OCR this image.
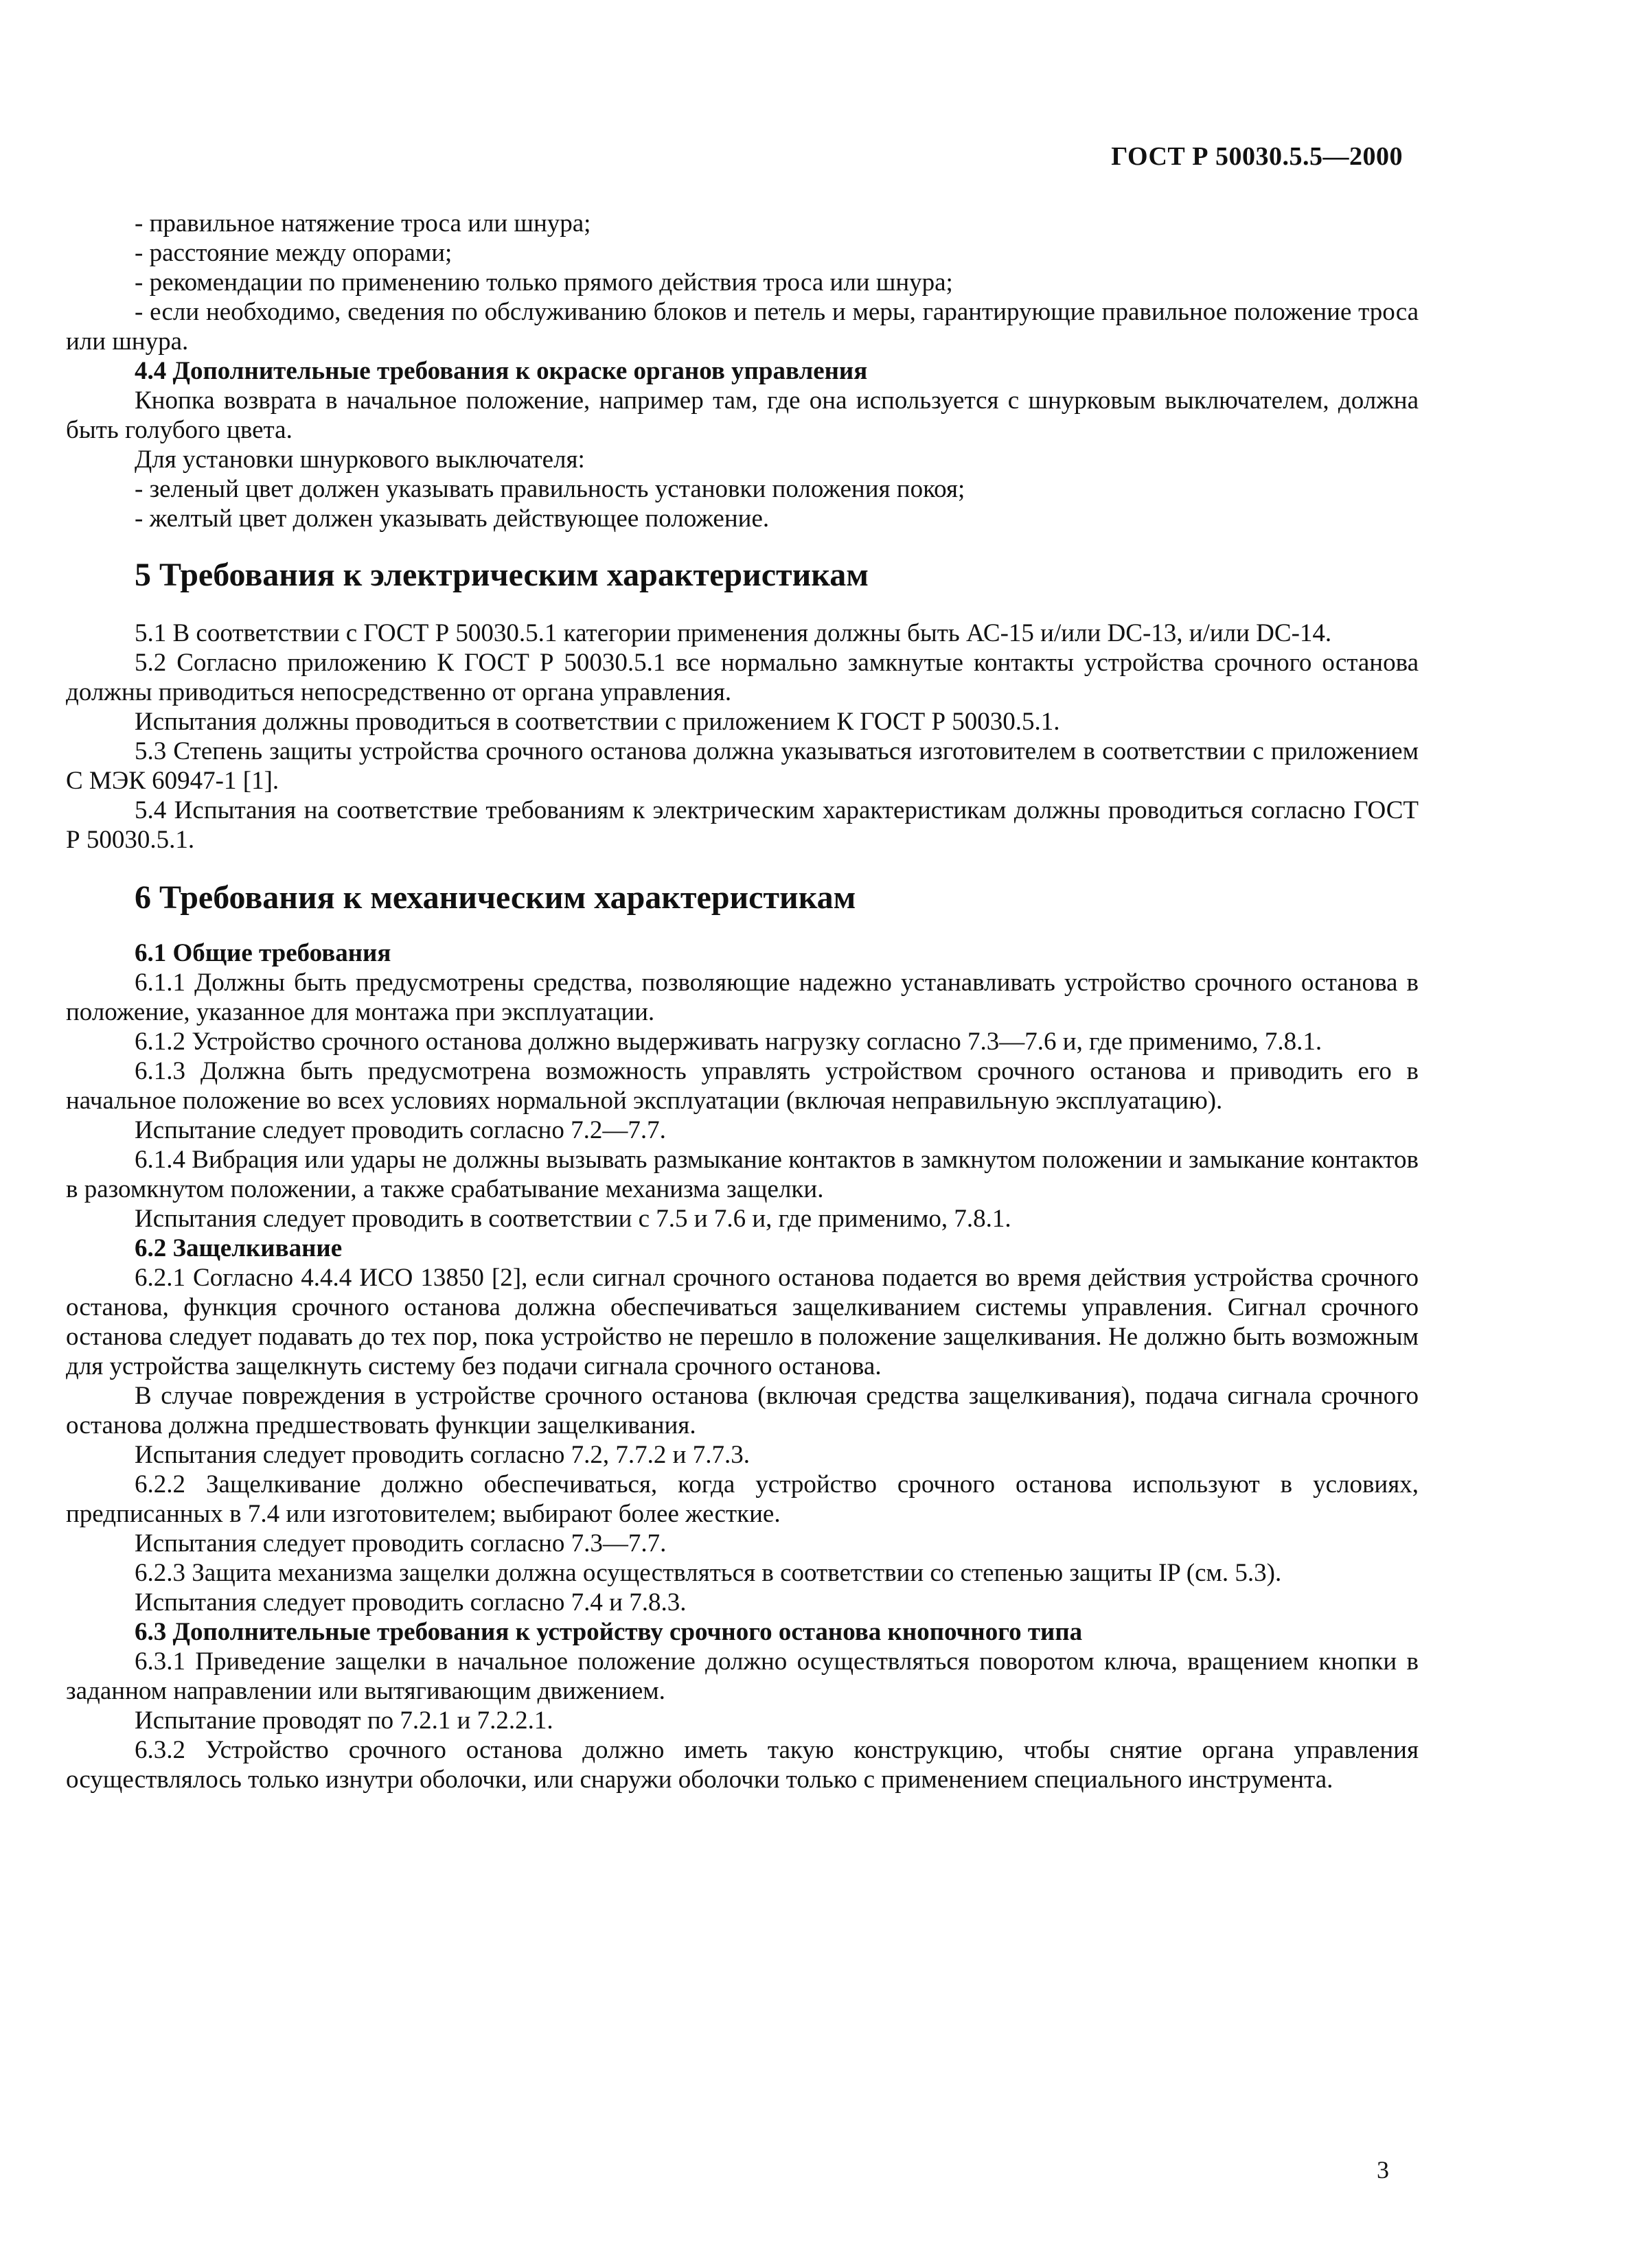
ГОСТ Р 50030.5.5—2000

- правильное натяжение троса или шнура;

- расстояние между опорами;

- рекомендации по применению только прямого действия троса или шнура;

- если необходимо, сведения по обслуживанию блоков и петель и меры, гарантирующие правильное положение троса или шнура.

4.4 Дополнительные требования к окраске органов управления

Кнопка возврата в начальное положение, например там, где она используется с шнурковым выключателем, должна быть голубого цвета.

Для установки шнуркового выключателя:

- зеленый цвет должен указывать правильность установки положения покоя;

- желтый цвет должен указывать действующее положение.

5 Требования к электрическим характеристикам

5.1 В соответствии с ГОСТ Р 50030.5.1 категории применения должны быть АС-15 и/или DC-13, и/или DC-14.

5.2 Согласно приложению К ГОСТ Р 50030.5.1 все нормально замкнутые контакты устройства срочного останова должны приводиться непосредственно от органа управления.

Испытания должны проводиться в соответствии с приложением К ГОСТ Р 50030.5.1.

5.3 Степень защиты устройства срочного останова должна указываться изготовителем в соответствии с приложением С МЭК 60947-1 [1].

5.4 Испытания на соответствие требованиям к электрическим характеристикам должны проводиться согласно ГОСТ Р 50030.5.1.

6 Требования к механическим характеристикам

6.1 Общие требования

6.1.1 Должны быть предусмотрены средства, позволяющие надежно устанавливать устройство срочного останова в положение, указанное для монтажа при эксплуатации.

6.1.2 Устройство срочного останова должно выдерживать нагрузку согласно 7.3—7.6 и, где применимо, 7.8.1.

6.1.3 Должна быть предусмотрена возможность управлять устройством срочного останова и приводить его в начальное положение во всех условиях нормальной эксплуатации (включая неправильную эксплуатацию).

Испытание следует проводить согласно 7.2—7.7.

6.1.4 Вибрация или удары не должны вызывать размыкание контактов в замкнутом положении и замыкание контактов в разомкнутом положении, а также срабатывание механизма защелки.

Испытания следует проводить в соответствии с 7.5 и 7.6 и, где применимо, 7.8.1.

6.2 Защелкивание

6.2.1 Согласно 4.4.4 ИСО 13850 [2], если сигнал срочного останова подается во время действия устройства срочного останова, функция срочного останова должна обеспечиваться защелкиванием системы управления. Сигнал срочного останова следует подавать до тех пор, пока устройство не перешло в положение защелкивания. Не должно быть возможным для устройства защелкнуть систему без подачи сигнала срочного останова.

В случае повреждения в устройстве срочного останова (включая средства защелкивания), подача сигнала срочного останова должна предшествовать функции защелкивания.

Испытания следует проводить согласно 7.2, 7.7.2 и 7.7.3.

6.2.2 Защелкивание должно обеспечиваться, когда устройство срочного останова используют в условиях, предписанных в 7.4 или изготовителем; выбирают более жесткие.

Испытания следует проводить согласно 7.3—7.7.

6.2.3 Защита механизма защелки должна осуществляться в соответствии со степенью защиты IP (см. 5.3).

Испытания следует проводить согласно 7.4 и 7.8.3.

6.3 Дополнительные требования к устройству срочного останова кнопочного типа

6.3.1 Приведение защелки в начальное положение должно осуществляться поворотом ключа, вращением кнопки в заданном направлении или вытягивающим движением.

Испытание проводят по 7.2.1 и 7.2.2.1.

6.3.2 Устройство срочного останова должно иметь такую конструкцию, чтобы снятие органа управления осуществлялось только изнутри оболочки, или снаружи оболочки только с применением специального инструмента.

3
